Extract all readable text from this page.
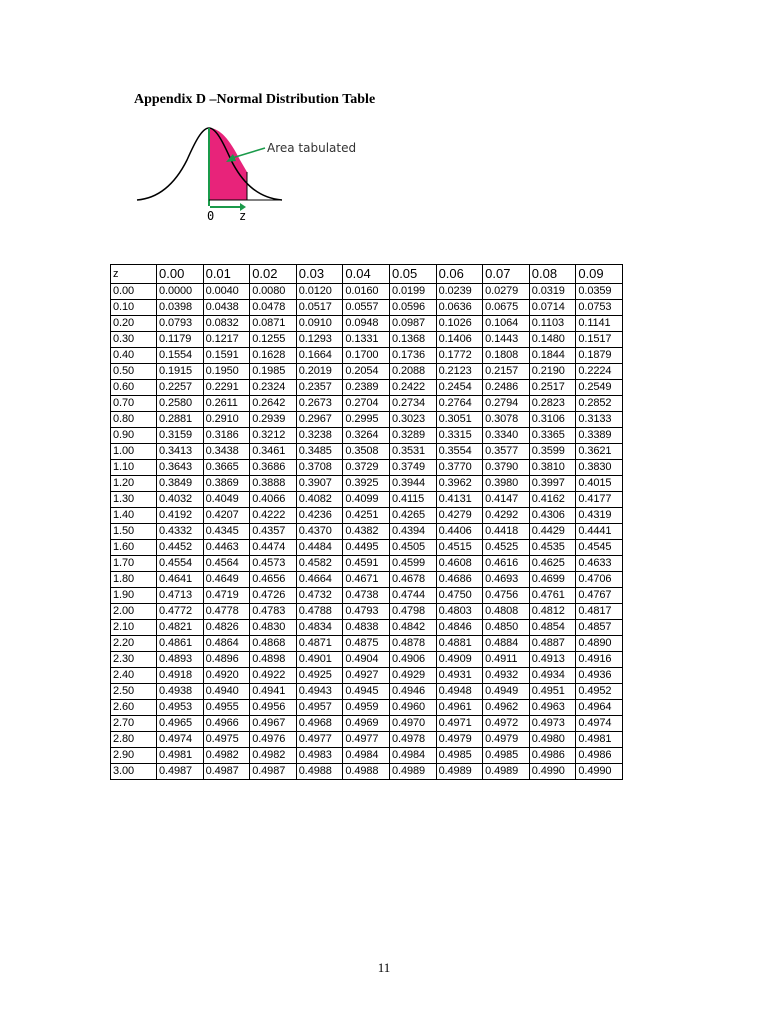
Appendix D –Normal Distribution Table
Area tabulated
0 z
z	0.00	0.01	0.02	0.03	0.04	0.05	0.06	0.07	0.08	0.09
0.00	0.0000	0.0040	0.0080	0.0120	0.0160	0.0199	0.0239	0.0279	0.0319	0.0359
0.10	0.0398	0.0438	0.0478	0.0517	0.0557	0.0596	0.0636	0.0675	0.0714	0.0753
0.20	0.0793	0.0832	0.0871	0.0910	0.0948	0.0987	0.1026	0.1064	0.1103	0.1141
0.30	0.1179	0.1217	0.1255	0.1293	0.1331	0.1368	0.1406	0.1443	0.1480	0.1517
0.40	0.1554	0.1591	0.1628	0.1664	0.1700	0.1736	0.1772	0.1808	0.1844	0.1879
0.50	0.1915	0.1950	0.1985	0.2019	0.2054	0.2088	0.2123	0.2157	0.2190	0.2224
0.60	0.2257	0.2291	0.2324	0.2357	0.2389	0.2422	0.2454	0.2486	0.2517	0.2549
0.70	0.2580	0.2611	0.2642	0.2673	0.2704	0.2734	0.2764	0.2794	0.2823	0.2852
0.80	0.2881	0.2910	0.2939	0.2967	0.2995	0.3023	0.3051	0.3078	0.3106	0.3133
0.90	0.3159	0.3186	0.3212	0.3238	0.3264	0.3289	0.3315	0.3340	0.3365	0.3389
1.00	0.3413	0.3438	0.3461	0.3485	0.3508	0.3531	0.3554	0.3577	0.3599	0.3621
1.10	0.3643	0.3665	0.3686	0.3708	0.3729	0.3749	0.3770	0.3790	0.3810	0.3830
1.20	0.3849	0.3869	0.3888	0.3907	0.3925	0.3944	0.3962	0.3980	0.3997	0.4015
1.30	0.4032	0.4049	0.4066	0.4082	0.4099	0.4115	0.4131	0.4147	0.4162	0.4177
1.40	0.4192	0.4207	0.4222	0.4236	0.4251	0.4265	0.4279	0.4292	0.4306	0.4319
1.50	0.4332	0.4345	0.4357	0.4370	0.4382	0.4394	0.4406	0.4418	0.4429	0.4441
1.60	0.4452	0.4463	0.4474	0.4484	0.4495	0.4505	0.4515	0.4525	0.4535	0.4545
1.70	0.4554	0.4564	0.4573	0.4582	0.4591	0.4599	0.4608	0.4616	0.4625	0.4633
1.80	0.4641	0.4649	0.4656	0.4664	0.4671	0.4678	0.4686	0.4693	0.4699	0.4706
1.90	0.4713	0.4719	0.4726	0.4732	0.4738	0.4744	0.4750	0.4756	0.4761	0.4767
2.00	0.4772	0.4778	0.4783	0.4788	0.4793	0.4798	0.4803	0.4808	0.4812	0.4817
2.10	0.4821	0.4826	0.4830	0.4834	0.4838	0.4842	0.4846	0.4850	0.4854	0.4857
2.20	0.4861	0.4864	0.4868	0.4871	0.4875	0.4878	0.4881	0.4884	0.4887	0.4890
2.30	0.4893	0.4896	0.4898	0.4901	0.4904	0.4906	0.4909	0.4911	0.4913	0.4916
2.40	0.4918	0.4920	0.4922	0.4925	0.4927	0.4929	0.4931	0.4932	0.4934	0.4936
2.50	0.4938	0.4940	0.4941	0.4943	0.4945	0.4946	0.4948	0.4949	0.4951	0.4952
2.60	0.4953	0.4955	0.4956	0.4957	0.4959	0.4960	0.4961	0.4962	0.4963	0.4964
2.70	0.4965	0.4966	0.4967	0.4968	0.4969	0.4970	0.4971	0.4972	0.4973	0.4974
2.80	0.4974	0.4975	0.4976	0.4977	0.4977	0.4978	0.4979	0.4979	0.4980	0.4981
2.90	0.4981	0.4982	0.4982	0.4983	0.4984	0.4984	0.4985	0.4985	0.4986	0.4986
3.00	0.4987	0.4987	0.4987	0.4988	0.4988	0.4989	0.4989	0.4989	0.4990	0.4990
11
